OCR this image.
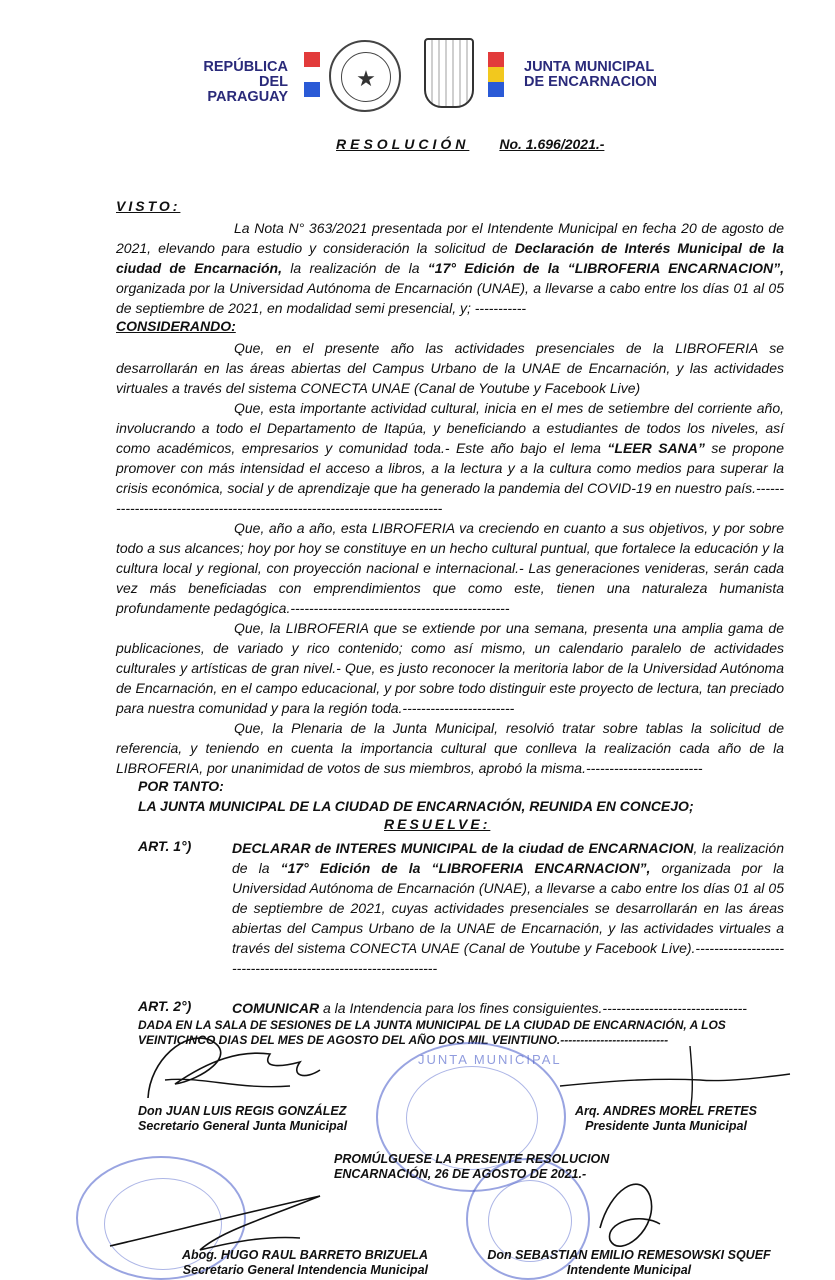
REPÚBLICA DEL
PARAGUAY
★	JUNTA MUNICIPAL
DE ENCARNACION
RESOLUCIÓN No. 1.696/2021.-
VISTO:

La Nota N° 363/2021 presentada por el Intendente Municipal en fecha 20 de agosto de 2021, elevando para estudio y consideración la solicitud de Declaración de Interés Municipal de la ciudad de Encarnación, la realización de la “17° Edición de la “LIBROFERIA ENCARNACION”, organizada por la Universidad Autónoma de Encarnación (UNAE), a llevarse a cabo entre los días 01 al 05 de septiembre de 2021, en modalidad semi presencial, y; -----------

CONSIDERANDO:

Que, en el presente año las actividades presenciales de la LIBROFERIA se desarrollarán en las áreas abiertas del Campus Urbano de la UNAE de Encarnación, y las actividades virtuales a través del sistema CONECTA UNAE (Canal de Youtube y Facebook Live)

Que, esta importante actividad cultural, inicia en el mes de setiembre del corriente año, involucrando a todo el Departamento de Itapúa, y beneficiando a estudiantes de todos los niveles, así como académicos, empresarios y comunidad toda.- Este año bajo el lema “LEER SANA” se propone promover con más intensidad el acceso a libros, a la lectura y a la cultura como medios para superar la crisis económica, social y de aprendizaje que ha generado la pandemia del COVID-19 en nuestro país.----------------------------------------------------------------------------

Que, año a año, esta LIBROFERIA va creciendo en cuanto a sus objetivos, y por sobre todo a sus alcances; hoy por hoy se constituye en un hecho cultural puntual, que fortalece la educación y la cultura local y regional, con proyección nacional e internacional.- Las generaciones venideras, serán cada vez más beneficiadas con emprendimientos que como este, tienen una naturaleza humanista profundamente pedagógica.-----------------------------------------------

Que, la LIBROFERIA que se extiende por una semana, presenta una amplia gama de publicaciones, de variado y rico contenido; como así mismo, un calendario paralelo de actividades culturales y artísticas de gran nivel.- Que, es justo reconocer la meritoria labor de la Universidad Autónoma de Encarnación, en el campo educacional, y por sobre todo distinguir este proyecto de lectura, tan preciado para nuestra comunidad y para la región toda.------------------------

Que, la Plenaria de la Junta Municipal, resolvió tratar sobre tablas la solicitud de referencia, y teniendo en cuenta la importancia cultural que conlleva la realización cada año de la LIBROFERIA, por unanimidad de votos de sus miembros, aprobó la misma.-------------------------

POR TANTO:
LA JUNTA MUNICIPAL DE LA CIUDAD DE ENCARNACIÓN, REUNIDA EN CONCEJO;
RESUELVE:
ART. 1°)	DECLARAR de INTERES MUNICIPAL de la ciudad de ENCARNACION, la realización de la “17° Edición de la “LIBROFERIA ENCARNACION”, organizada por la Universidad Autónoma de Encarnación (UNAE), a llevarse a cabo entre los días 01 al 05 de septiembre de 2021, cuyas actividades presenciales se desarrollarán en las áreas abiertas del Campus Urbano de la UNAE de Encarnación, y las actividades virtuales a través del sistema CONECTA UNAE (Canal de Youtube y Facebook Live).---------------------------------------------------------------
ART. 2°)	COMUNICAR a la Intendencia para los fines consiguientes.-------------------------------
DADA EN LA SALA DE SESIONES DE LA JUNTA MUNICIPAL DE LA CIUDAD DE ENCARNACIÓN, A LOS VEINTICINCO DIAS DEL MES DE AGOSTO DEL AÑO DOS MIL VEINTIUNO.---------------------------
JUNTA MUNICIPAL
Don JUAN LUIS REGIS GONZÁLEZ
Secretario General Junta Municipal
Arq. ANDRES MOREL FRETES
Presidente Junta Municipal
PROMÚLGUESE LA PRESENTE RESOLUCION
ENCARNACIÓN, 26 DE AGOSTO DE 2021.-
Abog. HUGO RAUL BARRETO BRIZUELA
Secretario General Intendencia Municipal
Don SEBASTIAN EMILIO REMESOWSKI SQUEF
Intendente Municipal
